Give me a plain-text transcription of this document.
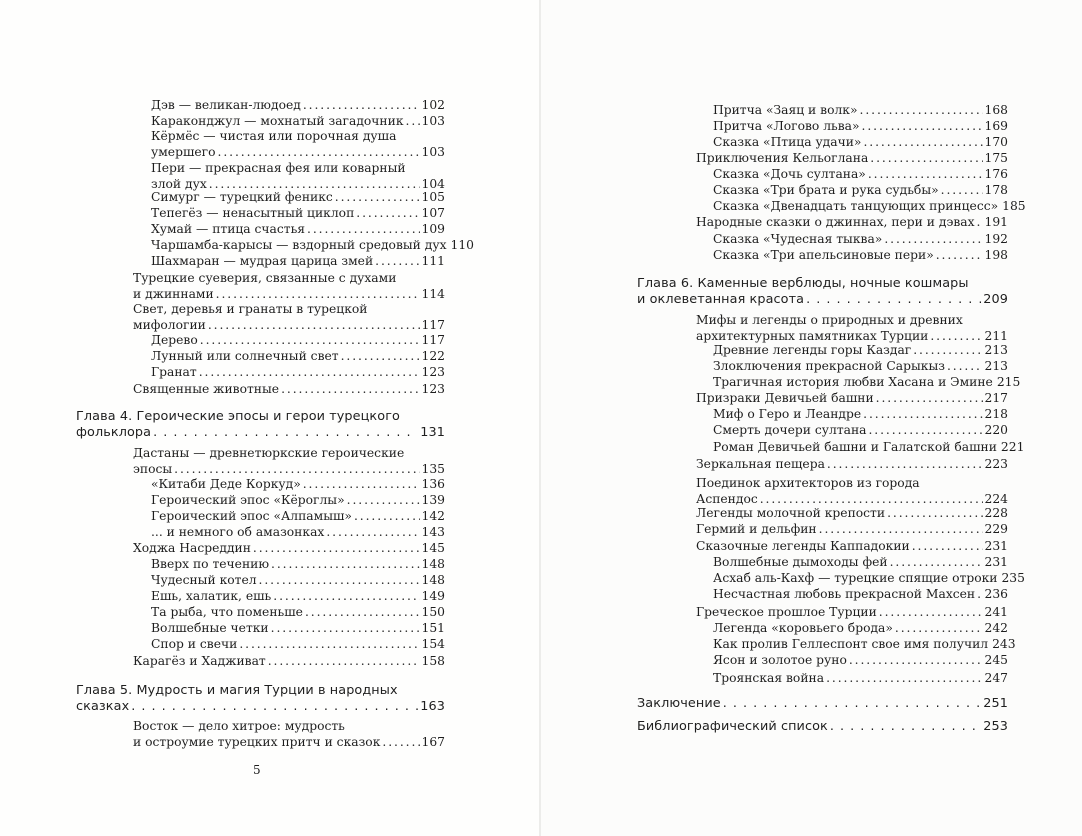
Дэв — великан-людоед . . .	102
Караконджул — мохнатый загадочник . . . 103
Кёрмёс — чистая или порочная душа
умершего . . .	103
Пери — прекрасная фея или коварный
злой дух . . .	104
Симург — турецкий феникс . . .	105
Тепегёз — ненасытный циклоп . . .	107
Хумай — птица счастья . . .	109
Чаршамба-карысы — вздорный средовый дух 110
Шахмаран — мудрая царица змей . . .	111
Турецкие суеверия, связанные с духами
и джиннами . . .	114
Свет, деревья и гранаты в турецкой
мифологии . . .	117
Дерево . . .	117
Лунный или солнечный свет . . .	122
Гранат . . .	123
Священные животные . . .	123
Глава 4. Героические эпосы и герои турецкого
фольклора . . .	131
Дастаны — древнетюркские героические
эпосы . . .	135
«Китаби Деде Коркуд» . . .	136
Героический эпос «Кёроглы» . . .	139
Героический эпос «Алпамыш» . . .	142
... и немного об амазонках . . .	143
Ходжа Насреддин . . .	145
Вверх по течению . . .	148
Чудесный котел . . .	148
Ешь, халатик, ешь . . .	149
Та рыба, что поменьше . . .	150
Волшебные четки . . .	151
Спор и свечи . . .	154
Карагёз и Хадживат . . .	158
Глава 5. Мудрость и магия Турции в народных
сказках . . .	163
Восток — дело хитрое: мудрость
и остроумие турецких притч и сказок . . .	167
5
Притча «Заяц и волк» . . .	168
Притча «Логово льва» . . .	169
Сказка «Птица удачи» . . .	170
Приключения Кельоглана . . .	175
Сказка «Дочь султана» . . .	176
Сказка «Три брата и рука судьбы» . . .	178
Сказка «Двенадцать танцующих принцесс» 185
Народные сказки о джиннах, пери и дэвах . . . 191
Сказка «Чудесная тыква» . . .	192
Сказка «Три апельсиновые пери» . . .	198
Глава 6. Каменные верблюды, ночные кошмары
и оклеветанная красота . . .	209
Мифы и легенды о природных и древних
архитектурных памятниках Турции . . .	211
Древние легенды горы Каздаг . . .	213
Злоключения прекрасной Сарыкыз . . .	213
Трагичная история любви Хасана и Эмине 215
Призраки Девичьей башни . . .	217
Миф о Геро и Леандре . . .	218
Смерть дочери султана . . .	220
Роман Девичьей башни и Галатской башни 221
Зеркальная пещера . . .	223
Поединок архитекторов из города
Аспендос . . .	224
Легенды молочной крепости . . .	228
Гермий и дельфин . . .	229
Сказочные легенды Каппадокии . . .	231
Волшебные дымоходы фей . . .	231
Асхаб аль-Кахф — турецкие спящие отроки 235
Несчастная любовь прекрасной Махсен . . . 236
Греческое прошлое Турции . . .	241
Легенда «коровьего брода» . . .	242
Как пролив Геллеспонт свое имя получил 243
Ясон и золотое руно . . .	245
Троянская война . . .	247
Заключение . . .	251
Библиографический список . . .	253
